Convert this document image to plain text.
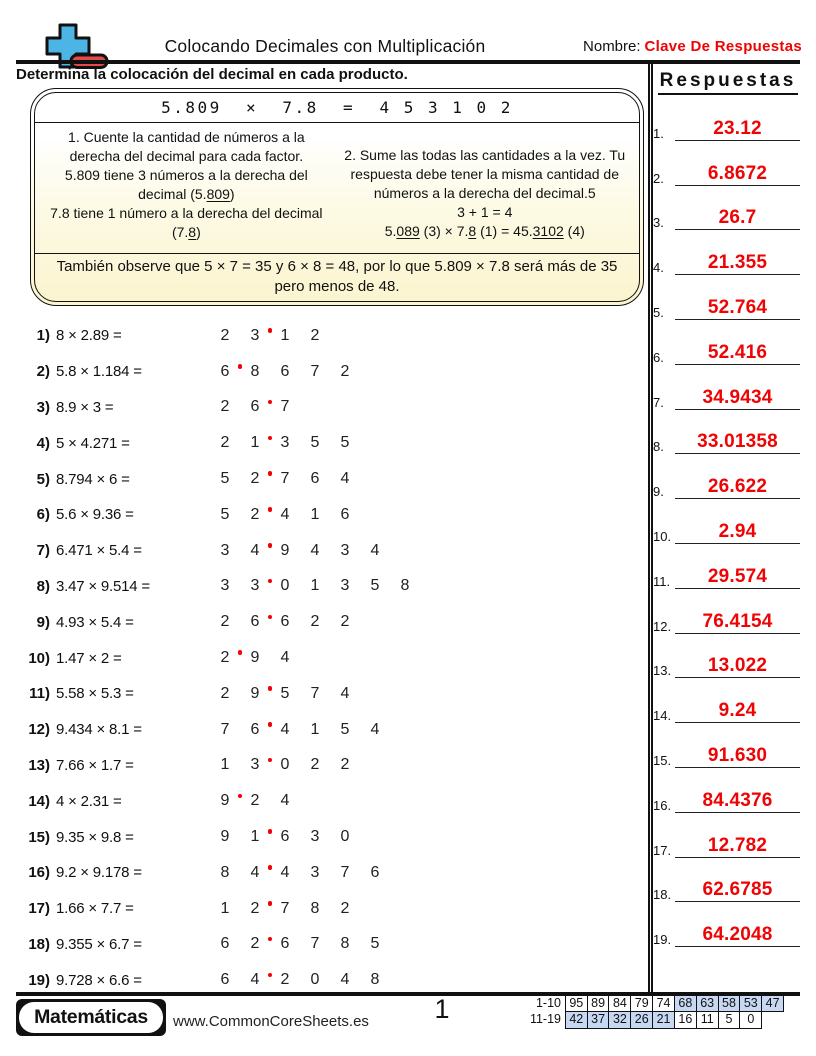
Colocando Decimales con Multiplicación	Nombre: Clave De Respuestas
Determina la colocación del decimal en cada producto.
5.809  ×  7.8  =  4 5 3 1 0 2
1. Cuente la cantidad de números a la derecha del decimal para cada factor.
5.809 tiene 3 números a la derecha del decimal (5.809)
7.8 tiene 1 número a la derecha del decimal (7.8)
2. Sume las todas las cantidades a la vez. Tu respuesta debe tener la misma cantidad de números a la derecha del decimal.5
3 + 1 = 4
5.089 (3) × 7.8 (1) = 45.3102 (4)
También observe que 5 × 7 = 35 y 6 × 8 = 48, por lo que 5.809 × 7.8 será más de 35 pero menos de 48.
1) 8 × 2.89 =	2	3	1	2
2) 5.8 × 1.184 =	6	8	6	7	2
3) 8.9 × 3 =	2	6	7
4) 5 × 4.271 =	2	1	3	5	5
5) 8.794 × 6 =	5	2	7	6	4
6) 5.6 × 9.36 =	5	2	4	1	6
7) 6.471 × 5.4 =	3	4	9	4	3	4
8) 3.47 × 9.514 =	3	3	0	1	3	5	8
9) 4.93 × 5.4 =	2	6	6	2	2
10) 1.47 × 2 =	2	9	4
11) 5.58 × 5.3 =	2	9	5	7	4
12) 9.434 × 8.1 =	7	6	4	1	5	4
13) 7.66 × 1.7 =	1	3	0	2	2
14) 4 × 2.31 =	9	2	4
15) 9.35 × 9.8 =	9	1	6	3	0
16) 9.2 × 9.178 =	8	4	4	3	7	6
17) 1.66 × 7.7 =	1	2	7	8	2
18) 9.355 × 6.7 =	6	2	6	7	8	5
19) 9.728 × 6.6 =	6	4	2	0	4	8
Respuestas
1.	23.12
2.	6.8672
3.	26.7
4.	21.355
5.	52.764
6.	52.416
7.	34.9434
8.	33.01358
9.	26.622
10.	2.94
11.	29.574
12.	76.4154
13.	13.022
14.	9.24
15.	91.630
16.	84.4376
17.	12.782
18.	62.6785
19.	64.2048
Matemáticas	www.CommonCoreSheets.es	1	1-10 95 89 84 79 74 68 63 58 53 47
11-19 42 37 32 26 21 16 11 5	0
